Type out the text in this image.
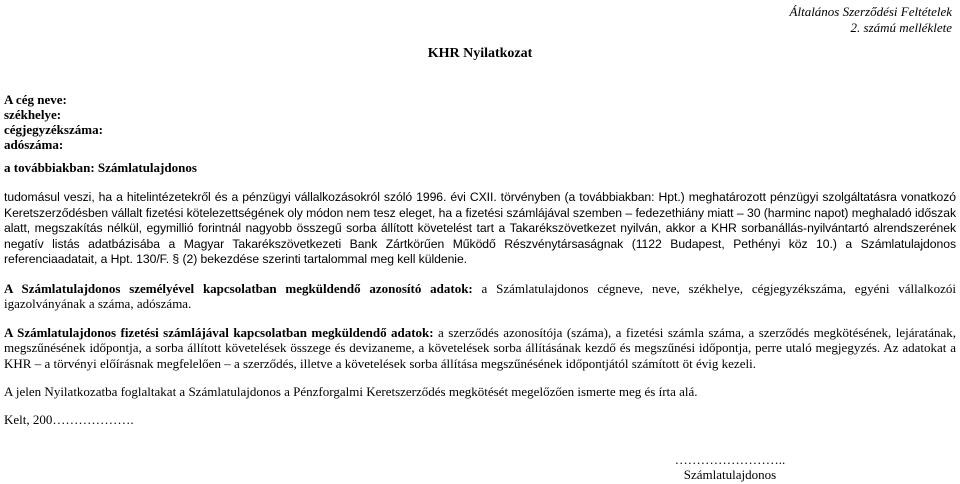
Általános Szerződési Feltételek
2. számú melléklete
KHR Nyilatkozat
A cég neve:
székhelye:
cégjegyzékszáma:
adószáma:
a továbbiakban: Számlatulajdonos

tudomásul veszi, ha a hitelintézetekről és a pénzügyi vállalkozásokról szóló 1996. évi CXII. törvényben (a továbbiakban: Hpt.) meghatározott pénzügyi szolgáltatásra vonatkozó Keretszerződésben vállalt fizetési kötelezettségének oly módon nem tesz eleget, ha a fizetési számlájával szemben – fedezethiány miatt – 30 (harminc napot) meghaladó időszak alatt, megszakítás nélkül, egymillió forintnál nagyobb összegű sorba állított követelést tart a Takarékszövetkezet nyilván, akkor a KHR sorbanállás-nyilvántartó alrendszerének negatív listás adatbázisába a Magyar Takarékszövetkezeti Bank Zártkörűen Működő Részvénytársaságnak (1122 Budapest, Pethényi köz 10.) a Számlatulajdonos referenciaadatait, a Hpt. 130/F. § (2) bekezdése szerinti tartalommal meg kell küldenie.

A Számlatulajdonos személyével kapcsolatban megküldendő azonosító adatok: a Számlatulajdonos cégneve, neve, székhelye, cégjegyzékszáma, egyéni vállalkozói igazolványának a száma, adószáma.

A Számlatulajdonos fizetési számlájával kapcsolatban megküldendő adatok: a szerződés azonosítója (száma), a fizetési számla száma, a szerződés megkötésének, lejáratának, megszűnésének időpontja, a sorba állított követelések összege és devizaneme, a követelések sorba állításának kezdő és megszűnési időpontja, perre utaló megjegyzés. Az adatokat a KHR – a törvényi előírásnak megfelelően – a szerződés, illetve a követelések sorba állítása megszűnésének időpontjától számított öt évig kezeli.

A jelen Nyilatkozatba foglaltakat a Számlatulajdonos a Pénzforgalmi Keretszerződés megkötését megelőzően ismerte meg és írta alá.

Kelt, 200……………….
……………………..
Számlatulajdonos
